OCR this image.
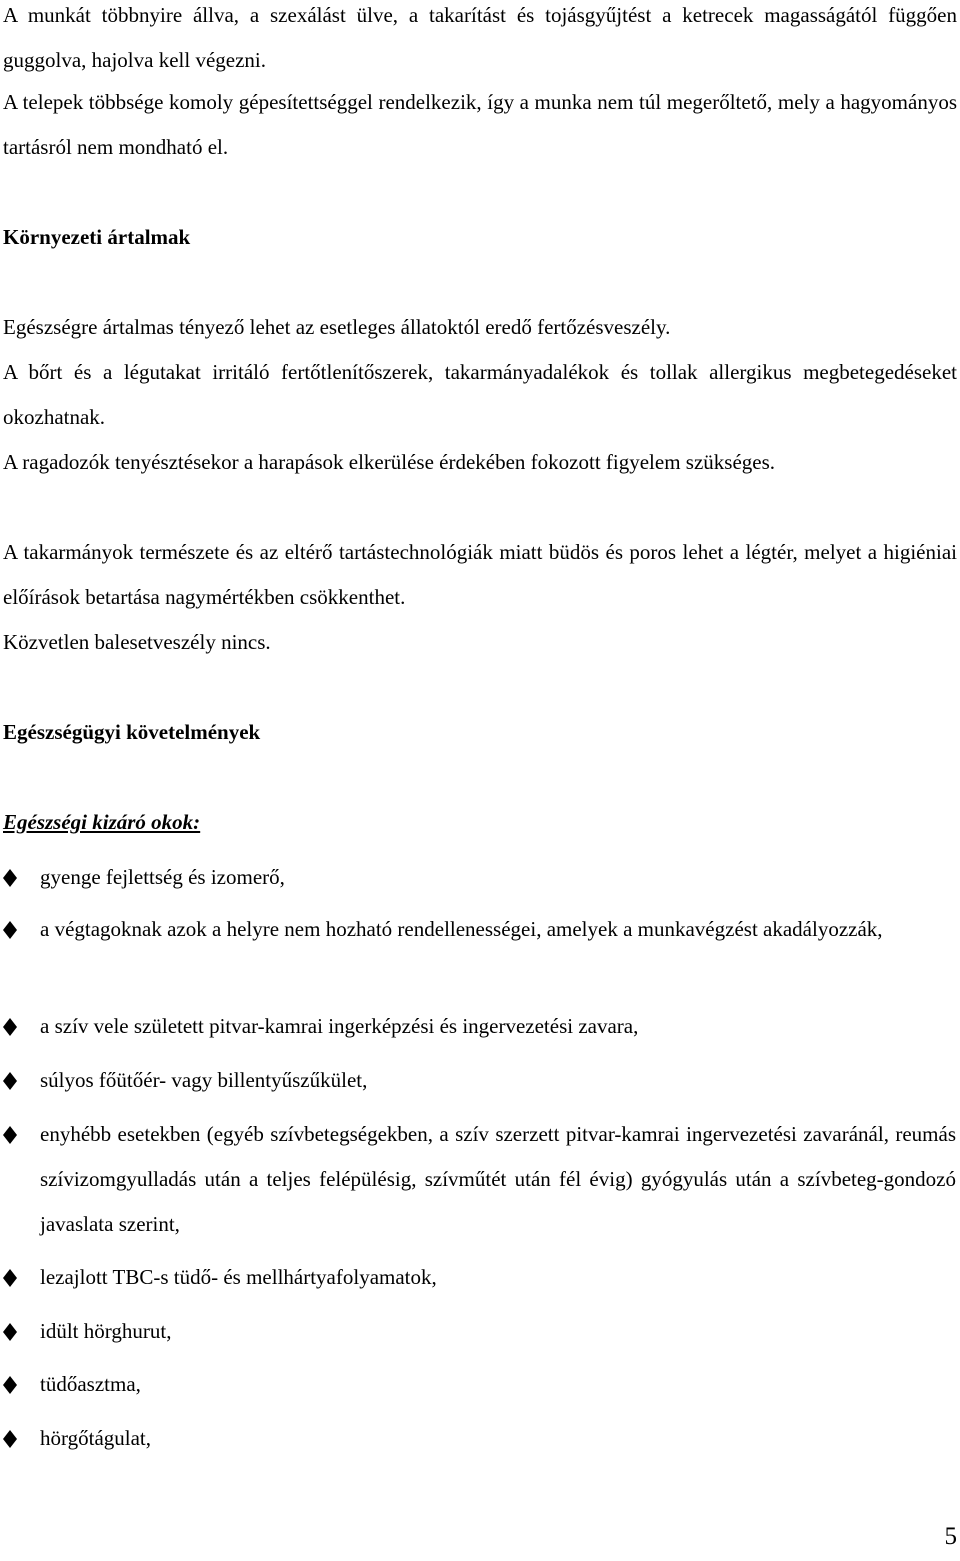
A munkát többnyire állva, a szexálást ülve, a takarítást és tojásgyűjtést a ketrecek magasságától függően guggolva, hajolva kell végezni.

A telepek többsége komoly gépesítettséggel rendelkezik, így a munka nem túl megerőltető, mely a hagyományos tartásról nem mondható el.

Környezeti ártalmak

Egészségre ártalmas tényező lehet az esetleges állatoktól eredő fertőzésveszély.

A bőrt és a légutakat irritáló fertőtlenítőszerek, takarmányadalékok és tollak allergikus megbetegedéseket okozhatnak.

A ragadozók tenyésztésekor a harapások elkerülése érdekében fokozott figyelem szükséges.

A takarmányok természete és az eltérő tartástechnológiák miatt büdös és poros lehet a légtér, melyet a higiéniai előírások betartása nagymértékben csökkenthet.

Közvetlen balesetveszély nincs.

Egészségügyi követelmények

Egészségi kizáró okok:

gyenge fejlettség és izomerő,

a végtagoknak azok a helyre nem hozható rendellenességei, amelyek a munkavégzést akadályozzák,

a szív vele született pitvar-kamrai ingerképzési és ingervezetési zavara,

súlyos főütőér- vagy billentyűszűkület,

enyhébb esetekben (egyéb szívbetegségekben, a szív szerzett pitvar-kamrai ingervezetési zavaránál, reumás szívizomgyulladás után a teljes felépülésig, szívműtét után fél évig) gyógyulás után a szívbeteg-gondozó javaslata szerint,

lezajlott TBC-s tüdő- és mellhártyafolyamatok,

idült hörghurut,

tüdőasztma,

hörgőtágulat,

5
